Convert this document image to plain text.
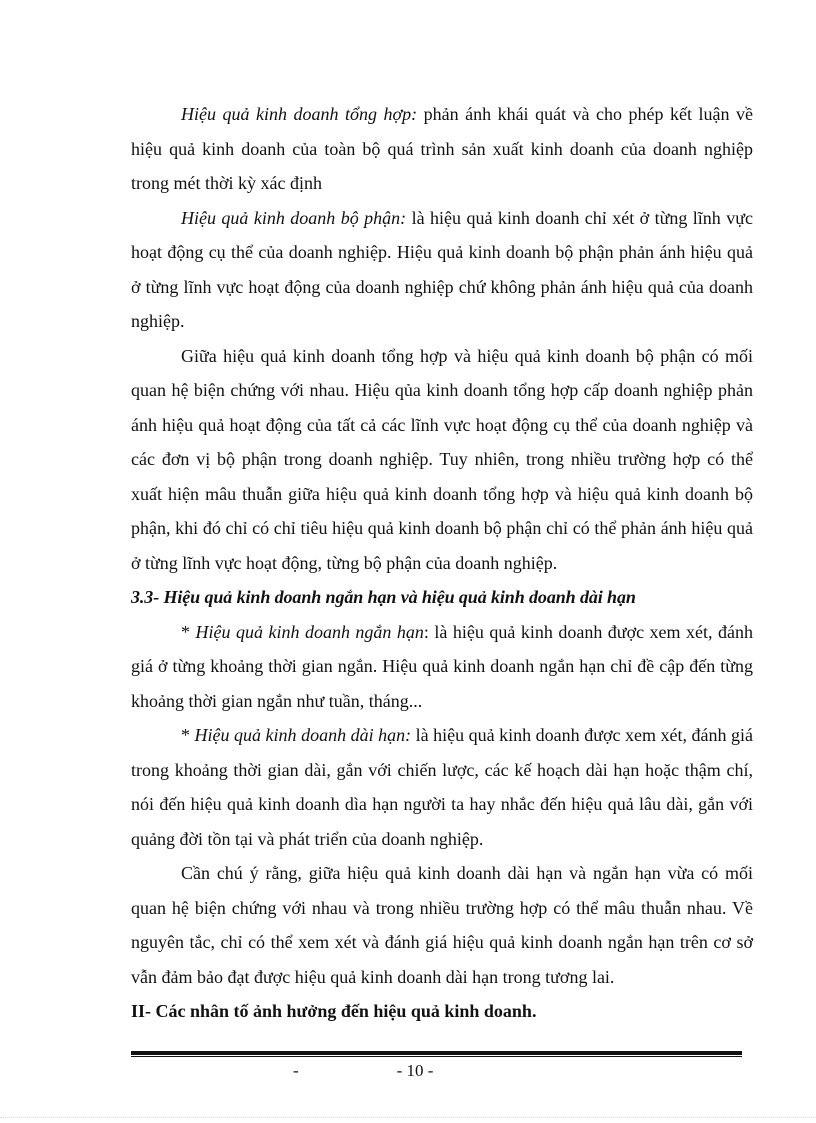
Hiệu quả kinh doanh tổng hợp: phản ánh khái quát và cho phép kết luận về hiệu quả kinh doanh của toàn bộ quá trình sản xuất kinh doanh của doanh nghiệp trong mét thời kỳ xác định

Hiệu quả kinh doanh bộ phận: là hiệu quả kinh doanh chỉ xét ở từng lĩnh vực hoạt động cụ thể của doanh nghiệp. Hiệu quả kinh doanh bộ phận phản ánh hiệu quả ở từng lĩnh vực hoạt động của doanh nghiệp chứ không phản ánh hiệu quả của doanh nghiệp.

Giữa hiệu quả kinh doanh tổng hợp và hiệu quả kinh doanh bộ phận có mối quan hệ biện chứng với nhau. Hiệu qủa kinh doanh tổng hợp cấp doanh nghiệp phản ánh hiệu quả hoạt động của tất cả các lĩnh vực hoạt động cụ thể của doanh nghiệp và các đơn vị bộ phận trong doanh nghiệp. Tuy nhiên, trong nhiều trường hợp có thể xuất hiện mâu thuẫn giữa hiệu quả kinh doanh tổng hợp và hiệu quả kinh doanh bộ phận, khi đó chỉ có chỉ tiêu hiệu quả kinh doanh bộ phận chỉ có thể phản ánh hiệu quả ở từng lĩnh vực hoạt động, từng bộ phận của doanh nghiệp.

3.3- Hiệu quả kinh doanh ngắn hạn và hiệu quả kinh doanh dài hạn

* Hiệu quả kinh doanh ngắn hạn: là hiệu quả kinh doanh được xem xét, đánh giá ở từng khoảng thời gian ngắn. Hiệu quả kinh doanh ngắn hạn chỉ đề cập đến từng khoảng thời gian ngắn như tuần, tháng...

* Hiệu quả kinh doanh dài hạn: là hiệu quả kinh doanh được xem xét, đánh giá trong khoảng thời gian dài, gắn với chiến lược, các kế hoạch dài hạn hoặc thậm chí, nói đến hiệu quả kinh doanh dìa hạn người ta hay nhắc đến hiệu quả lâu dài, gắn với quảng đời tồn tại và phát triển của doanh nghiệp.

Cần chú ý rằng, giữa hiệu quả kinh doanh dài hạn và ngắn hạn vừa có mối quan hệ biện chứng với nhau và trong nhiều trường hợp có thể mâu thuẫn nhau. Về nguyên tắc, chỉ có thể xem xét và đánh giá hiệu quả kinh doanh ngắn hạn trên cơ sở vẫn đảm bảo đạt được hiệu quả kinh doanh dài hạn trong tương lai.

II- Các nhân tố ảnh hưởng đến hiệu quả kinh doanh.

-	- 10 -
